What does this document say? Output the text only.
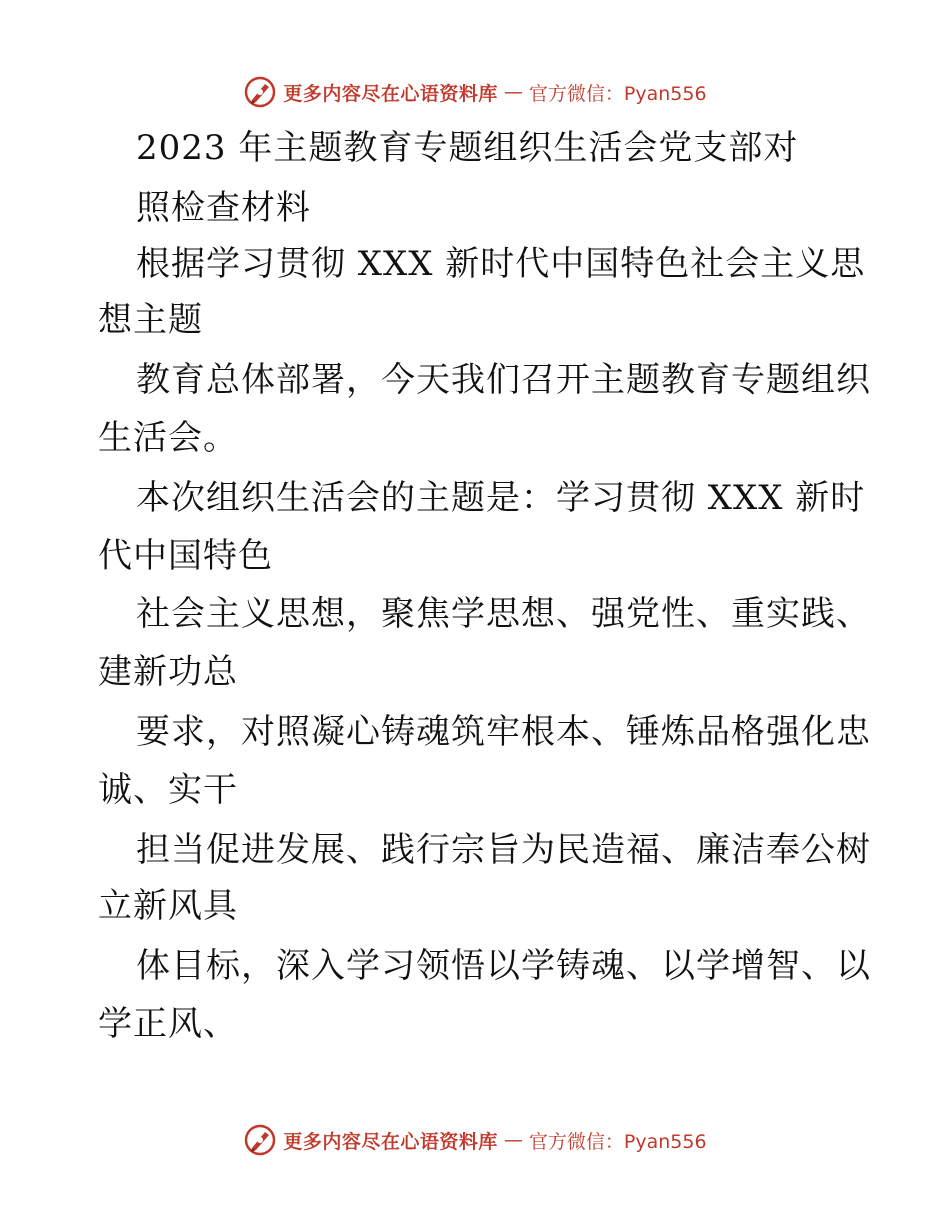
更多内容尽在心语资料库 — 官方微信：Pyan556
2023 年主题教育专题组织生活会党支部对
照检查材料
根据学习贯彻 XXX 新时代中国特色社会主义思
想主题
教育总体部署，今天我们召开主题教育专题组织
生活会。
本次组织生活会的主题是：学习贯彻 XXX 新时
代中国特色
社会主义思想，聚焦学思想、强党性、重实践、
建新功总
要求，对照凝心铸魂筑牢根本、锤炼品格强化忠
诚、实干
担当促进发展、践行宗旨为民造福、廉洁奉公树
立新风具
体目标，深入学习领悟以学铸魂、以学增智、以
学正风、
更多内容尽在心语资料库 — 官方微信：Pyan556
